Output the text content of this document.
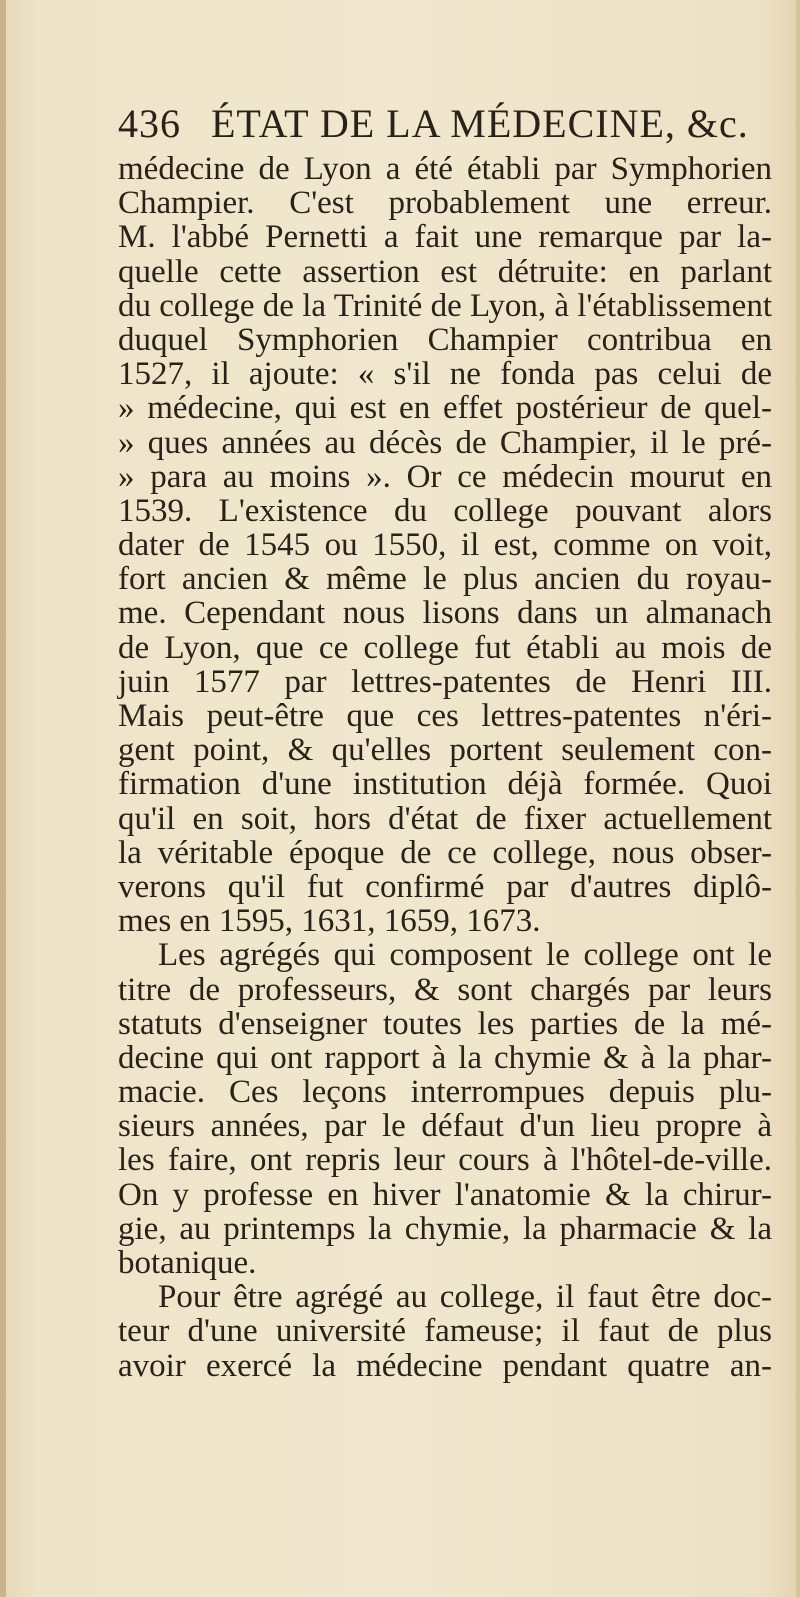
436 ÉTAT DE LA MÉDECINE, &c.
médecine de Lyon a été établi par Symphorien
Champier. C'est probablement une erreur.
M. l'abbé Pernetti a fait une remarque par la-
quelle cette assertion est détruite: en parlant
du college de la Trinité de Lyon, à l'établissement
duquel Symphorien Champier contribua en
1527, il ajoute: « s'il ne fonda pas celui de
» médecine, qui est en effet postérieur de quel-
» ques années au décès de Champier, il le pré-
» para au moins ». Or ce médecin mourut en
1539. L'existence du college pouvant alors
dater de 1545 ou 1550, il est, comme on voit,
fort ancien & même le plus ancien du royau-
me. Cependant nous lisons dans un almanach
de Lyon, que ce college fut établi au mois de
juin 1577 par lettres-patentes de Henri III.
Mais peut-être que ces lettres-patentes n'éri-
gent point, & qu'elles portent seulement con-
firmation d'une institution déjà formée. Quoi
qu'il en soit, hors d'état de fixer actuellement
la véritable époque de ce college, nous obser-
verons qu'il fut confirmé par d'autres diplô-
mes en 1595, 1631, 1659, 1673.
Les agrégés qui composent le college ont le
titre de professeurs, & sont chargés par leurs
statuts d'enseigner toutes les parties de la mé-
decine qui ont rapport à la chymie & à la phar-
macie. Ces leçons interrompues depuis plu-
sieurs années, par le défaut d'un lieu propre à
les faire, ont repris leur cours à l'hôtel-de-ville.
On y professe en hiver l'anatomie & la chirur-
gie, au printemps la chymie, la pharmacie & la
botanique.
Pour être agrégé au college, il faut être doc-
teur d'une université fameuse; il faut de plus
avoir exercé la médecine pendant quatre an-
